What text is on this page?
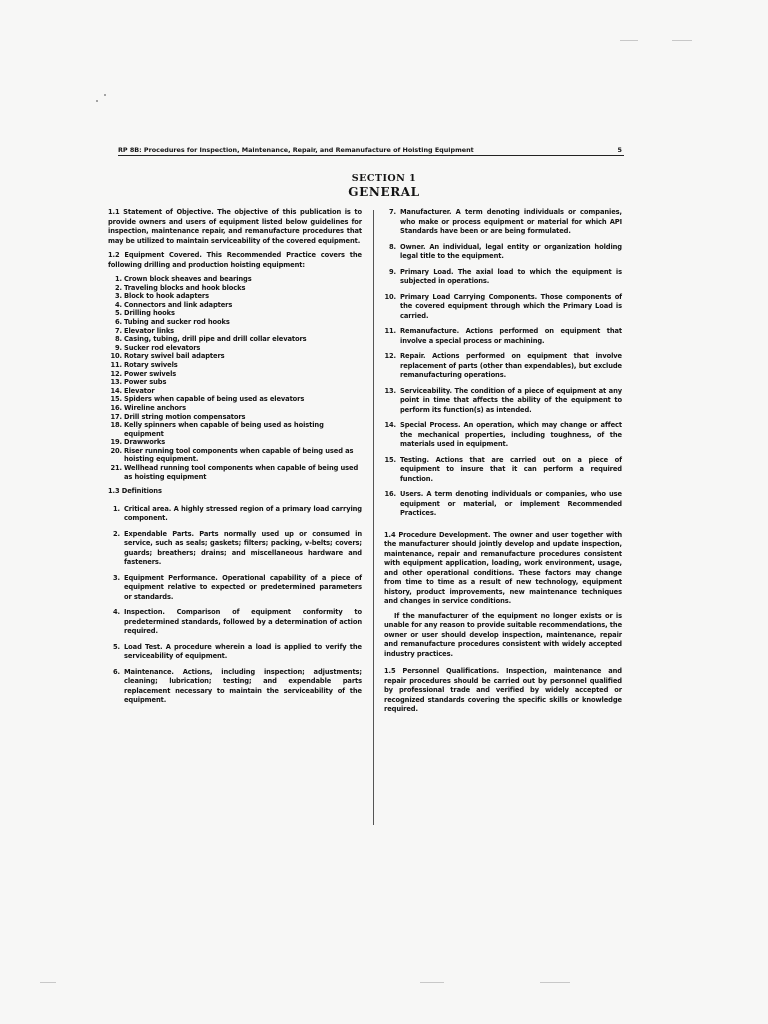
RP 8B: Procedures for Inspection, Maintenance, Repair, and Remanufacture of Hoisting Equipment	5
SECTION 1
GENERAL

1.1 Statement of Objective. The objective of this publication is to provide owners and users of equipment listed below guidelines for inspection, maintenance repair, and remanufacture procedures that may be utilized to maintain serviceability of the covered equipment.

1.2 Equipment Covered. This Recommended Practice covers the following drilling and production hoisting equipment:

1. Crown block sheaves and bearings
2. Traveling blocks and hook blocks
3. Block to hook adapters
4. Connectors and link adapters
5. Drilling hooks
6. Tubing and sucker rod hooks
7. Elevator links
8. Casing, tubing, drill pipe and drill collar elevators
9. Sucker rod elevators
10. Rotary swivel bail adapters
11. Rotary swivels
12. Power swivels
13. Power subs
14. Elevator
15. Spiders when capable of being used as elevators
16. Wireline anchors
17. Drill string motion compensators
18. Kelly spinners when capable of being used as hoisting equipment
19. Drawworks
20. Riser running tool components when capable of being used as hoisting equipment.
21. Wellhead running tool components when capable of being used as hoisting equipment
1.3 Definitions
1. Critical area. A highly stressed region of a primary load carrying component.
2. Expendable Parts. Parts normally used up or consumed in service, such as seals; gaskets; filters; packing, v-belts; covers; guards; breathers; drains; and miscellaneous hardware and fasteners.
3. Equipment Performance. Operational capability of a piece of equipment relative to expected or predetermined parameters or standards.
4. Inspection. Comparison of equipment conformity to predetermined standards, followed by a determination of action required.
5. Load Test. A procedure wherein a load is applied to verify the serviceability of equipment.
6. Maintenance. Actions, including inspection; adjustments; cleaning; lubrication; testing; and expendable parts replacement necessary to maintain the serviceability of the equipment.
7. Manufacturer. A term denoting individuals or companies, who make or process equipment or material for which API Standards have been or are being formulated.
8. Owner. An individual, legal entity or organization holding legal title to the equipment.
9. Primary Load. The axial load to which the equipment is subjected in operations.
10. Primary Load Carrying Components. Those components of the covered equipment through which the Primary Load is carried.
11. Remanufacture. Actions performed on equipment that involve a special process or machining.
12. Repair. Actions performed on equipment that involve replacement of parts (other than expendables), but exclude remanufacturing operations.
13. Serviceability. The condition of a piece of equipment at any point in time that affects the ability of the equipment to perform its function(s) as intended.
14. Special Process. An operation, which may change or affect the mechanical properties, including toughness, of the materials used in equipment.
15. Testing. Actions that are carried out on a piece of equipment to insure that it can perform a required function.
16. Users. A term denoting individuals or companies, who use equipment or material, or implement Recommended Practices.

1.4 Procedure Development. The owner and user together with the manufacturer should jointly develop and update inspection, maintenance, repair and remanufacture procedures consistent with equipment application, loading, work environment, usage, and other operational conditions. These factors may change from time to time as a result of new technology, equipment history, product improvements, new maintenance techniques and changes in service conditions.

If the manufacturer of the equipment no longer exists or is unable for any reason to provide suitable recommendations, the owner or user should develop inspection, maintenance, repair and remanufacture procedures consistent with widely accepted industry practices.

1.5 Personnel Qualifications. Inspection, maintenance and repair procedures should be carried out by personnel qualified by professional trade and verified by widely accepted or recognized standards covering the specific skills or knowledge required.
